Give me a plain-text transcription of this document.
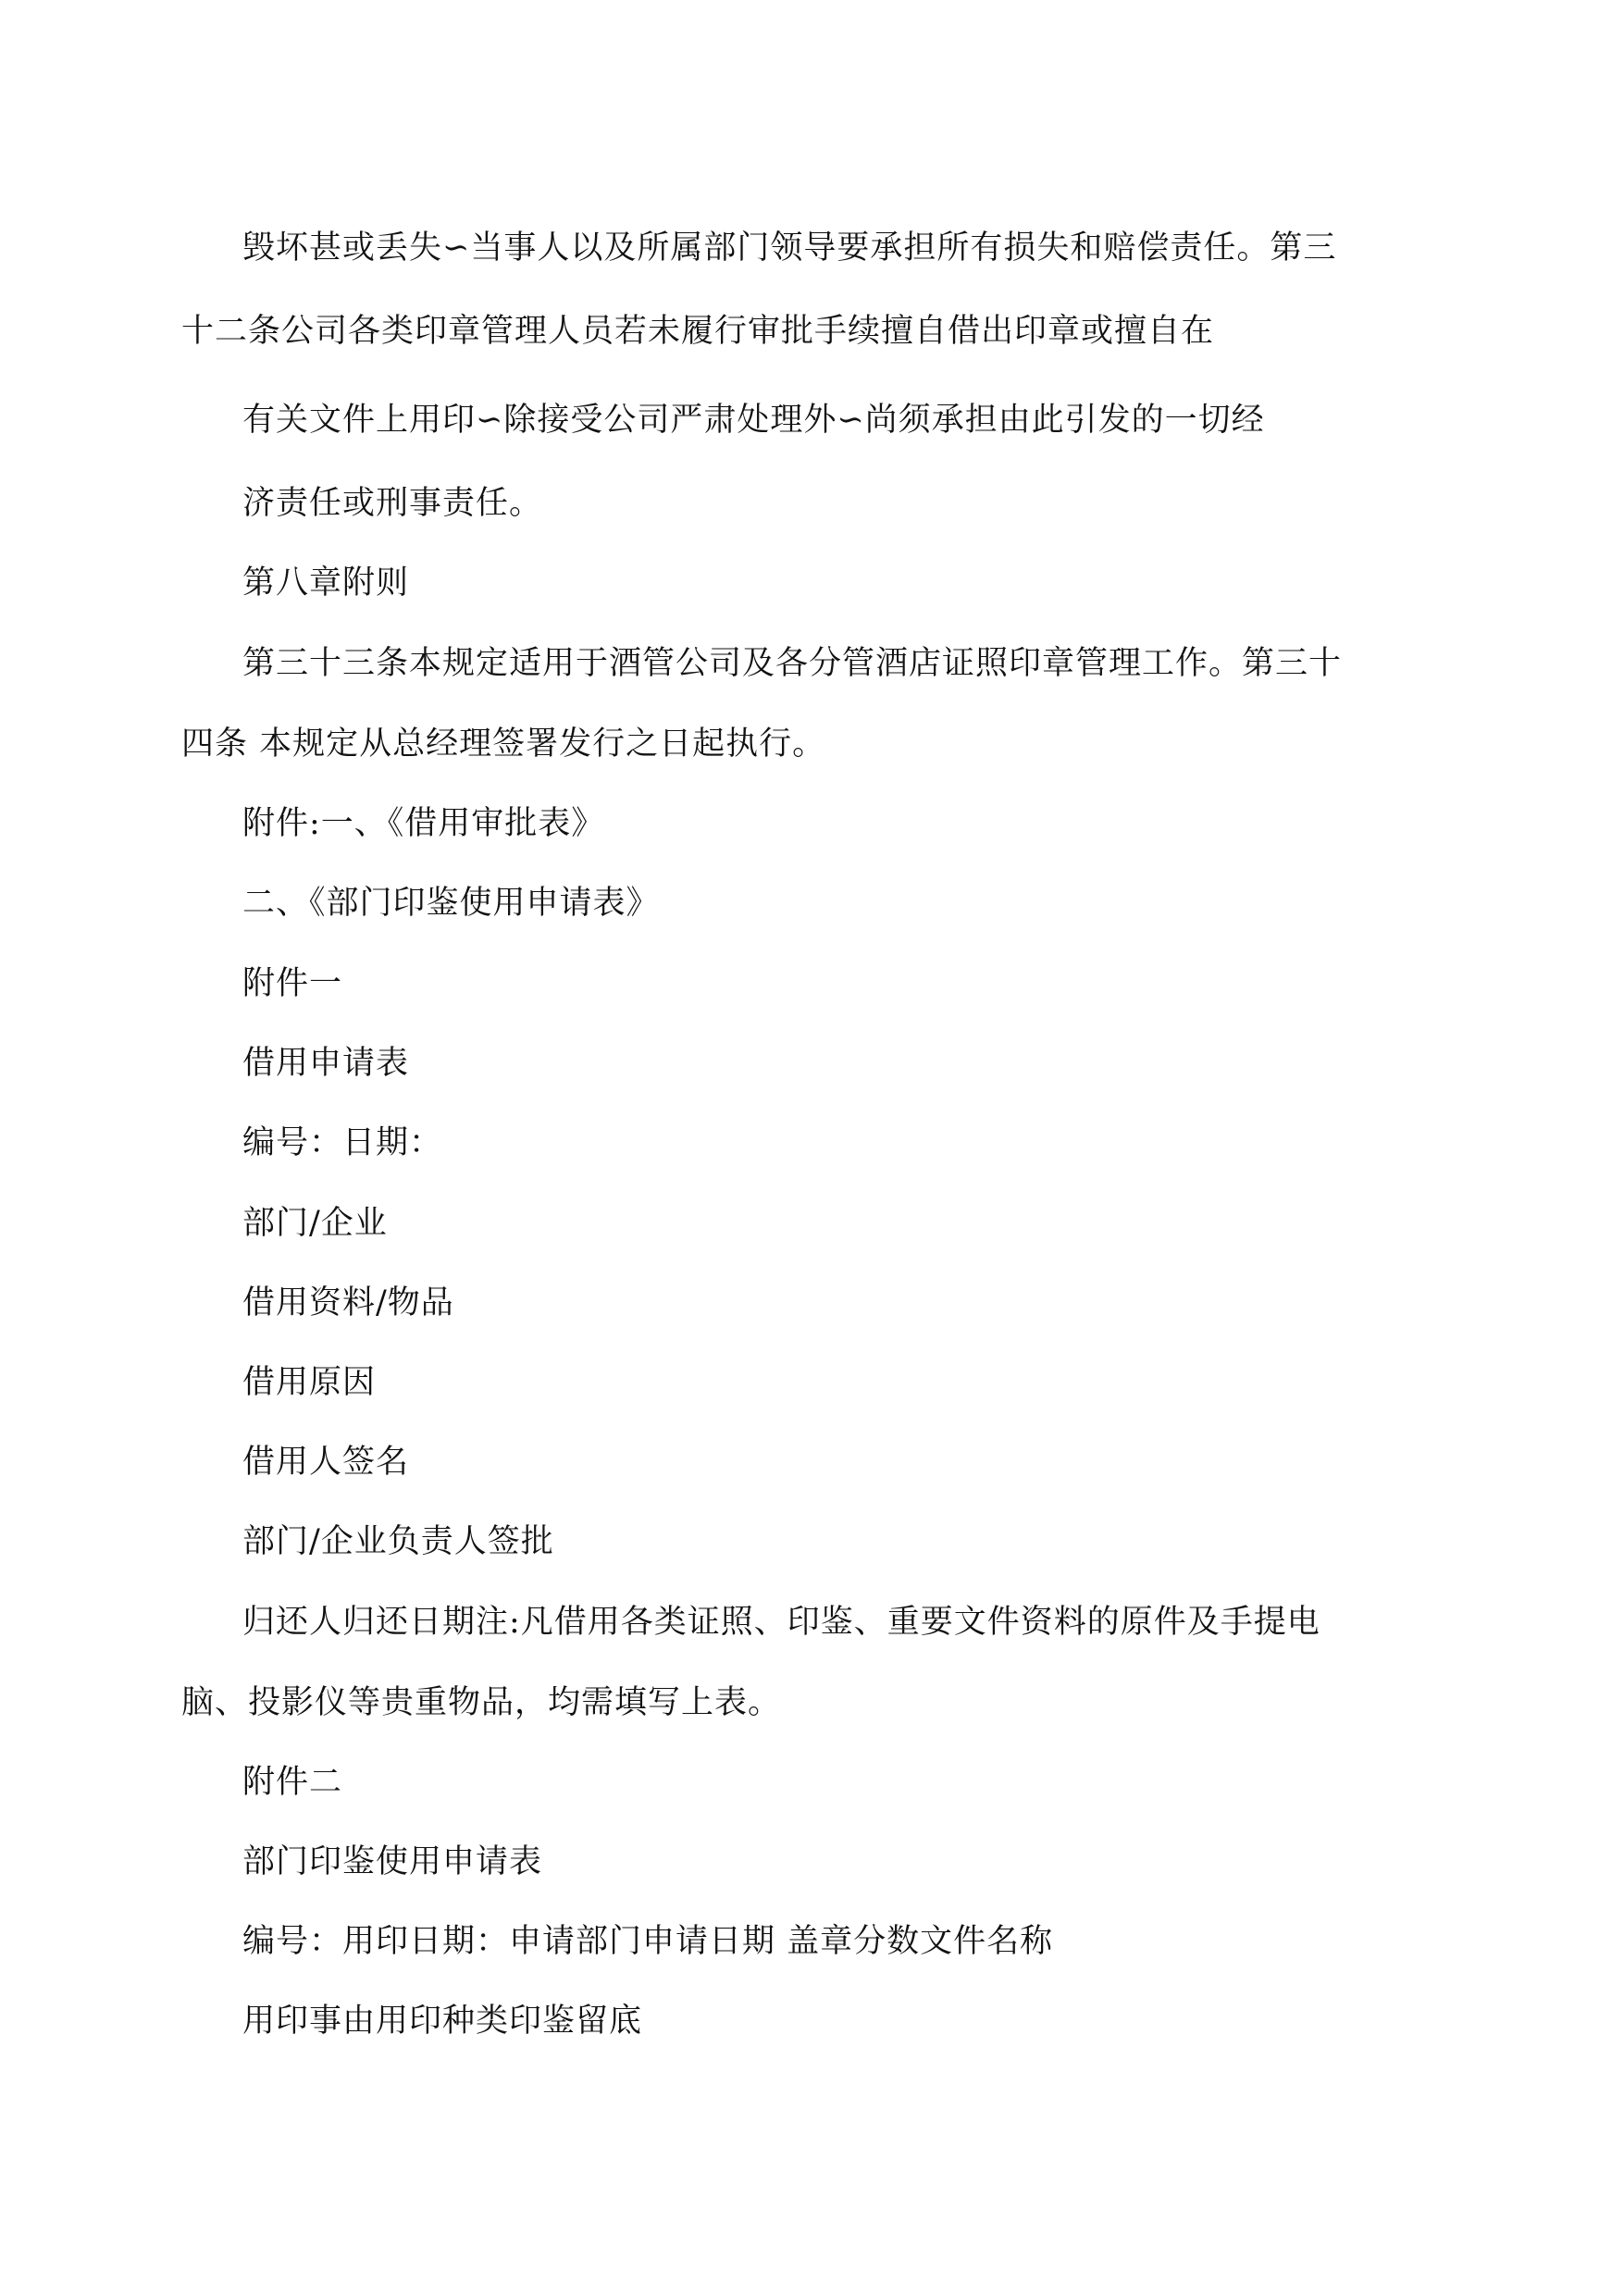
毁坏甚或丢失∽当事人以及所属部门领导要承担所有损失和赔偿责任。第三
十二条公司各类印章管理人员若未履行审批手续擅自借出印章或擅自在
有关文件上用印∽除接受公司严肃处理外∽尚须承担由此引发的一切经
济责任或刑事责任。
第八章附则
第三十三条本规定适用于酒管公司及各分管酒店证照印章管理工作。第三十
四条 本规定从总经理签署发行之日起执行。
附件:一、《借用审批表》
二、《部门印鉴使用申请表》
附件一
借用申请表
编号：日期：
部门/企业
借用资料/物品
借用原因
借用人签名
部门/企业负责人签批
归还人归还日期注:凡借用各类证照、印鉴、重要文件资料的原件及手提电
脑、投影仪等贵重物品，均需填写上表。
附件二
部门印鉴使用申请表
编号：用印日期：申请部门申请日期 盖章分数文件名称
用印事由用印种类印鉴留底
